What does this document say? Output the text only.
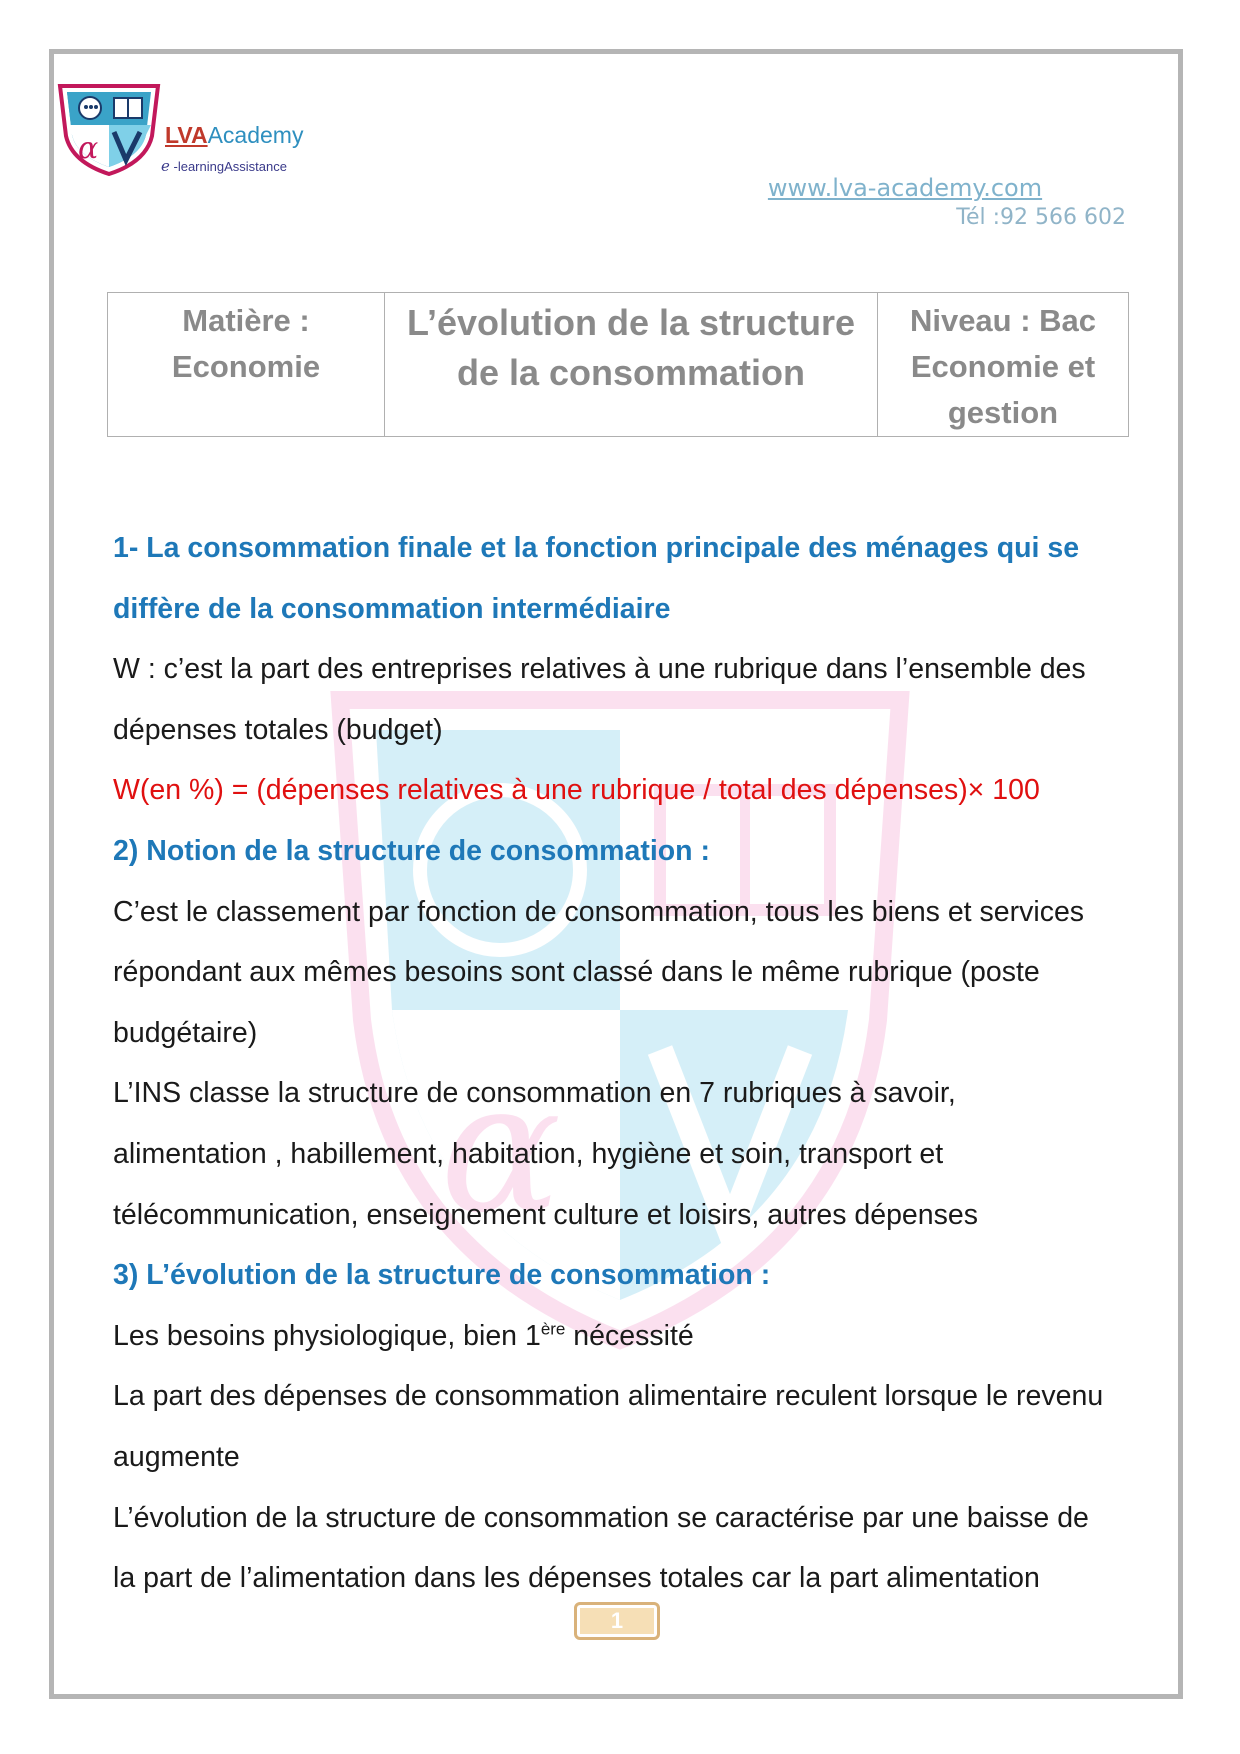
α	LVAAcademy
e -learningAssistance
www.lva-academy.com
Tél :92 566 602
Matière :
Economie

L’évolution de la structure
de la consommation

Niveau : Bac
Economie et
gestion
α

1- La consommation finale et la fonction principale des ménages qui se

diffère de la consommation intermédiaire

W : c’est la part des entreprises relatives à une rubrique dans l’ensemble des

dépenses totales (budget)

W(en %) = (dépenses relatives à une rubrique / total des dépenses)× 100

2) Notion de la structure de consommation :

C’est le classement par fonction de consommation, tous les biens et services

répondant aux mêmes besoins sont classé dans le même rubrique (poste

budgétaire)

L’INS classe la structure de consommation en 7 rubriques à savoir,

alimentation , habillement, habitation, hygiène et soin, transport et

télécommunication, enseignement culture et loisirs, autres dépenses

3) L’évolution de la structure de consommation :

Les besoins physiologique, bien 1ère nécessité

La part des dépenses de consommation alimentaire reculent lorsque le revenu

augmente

L’évolution de la structure de consommation se caractérise par une baisse de

la part de l’alimentation dans les dépenses totales car la part alimentation

1
